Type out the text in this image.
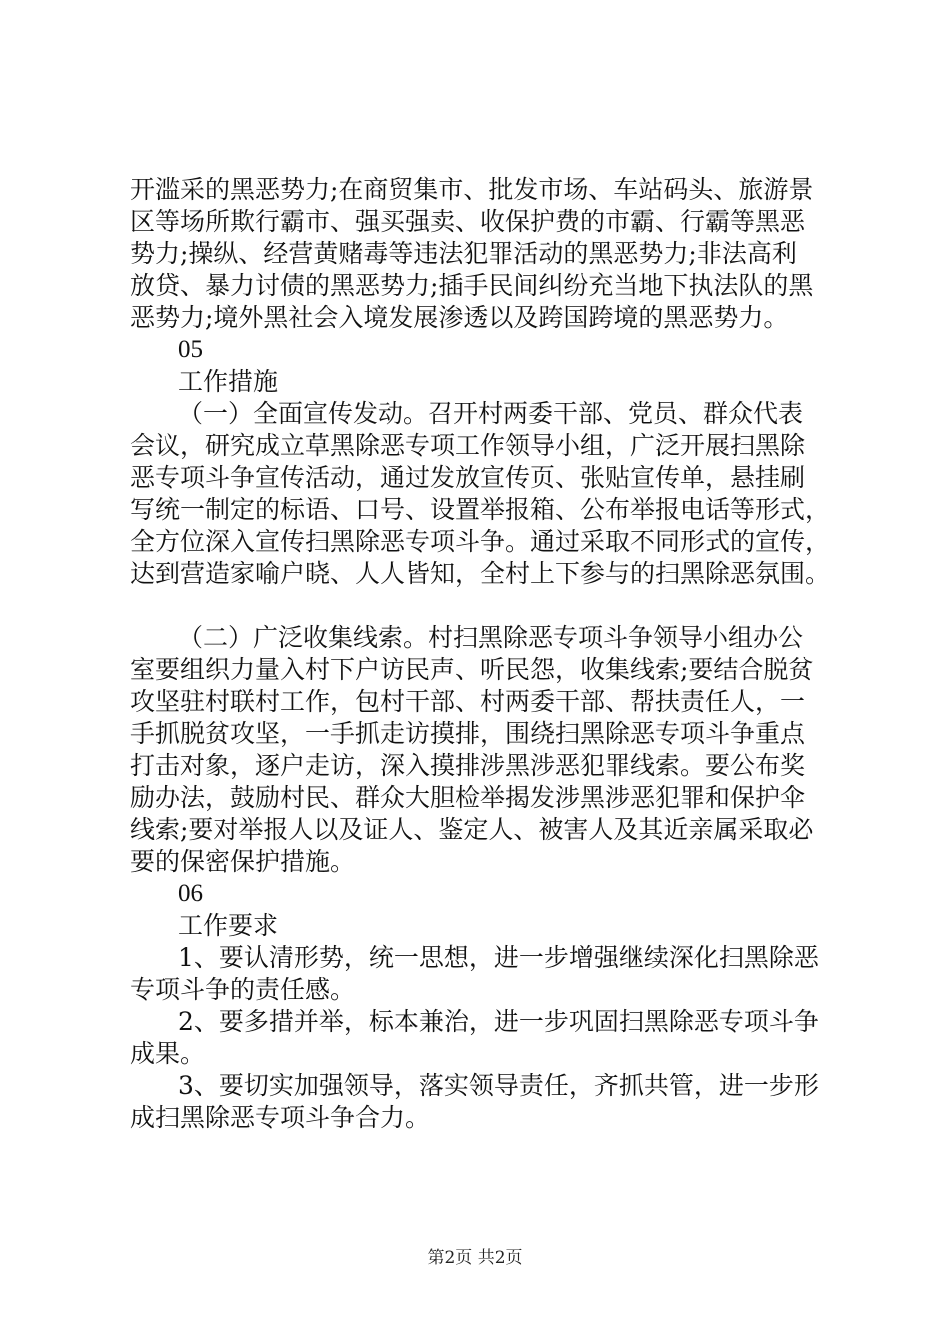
开滥采的黑恶势力;在商贸集市、批发市场、车站码头、旅游景
区等场所欺行霸市、强买强卖、收保护费的市霸、行霸等黑恶
势力;操纵、经营黄赌毒等违法犯罪活动的黑恶势力;非法高利
放贷、暴力讨债的黑恶势力;插手民间纠纷充当地下执法队的黑
恶势力;境外黑社会入境发展渗透以及跨国跨境的黑恶势力。
05
工作措施
（一）全面宣传发动。召开村两委干部、党员、群众代表
会议，研究成立草黑除恶专项工作领导小组，广泛开展扫黑除
恶专项斗争宣传活动，通过发放宣传页、张贴宣传单，悬挂刷
写统一制定的标语、口号、设置举报箱、公布举报电话等形式，
全方位深入宣传扫黑除恶专项斗争。通过采取不同形式的宣传，
达到营造家喻户晓、人人皆知，全村上下参与的扫黑除恶氛围。
（二）广泛收集线索。村扫黑除恶专项斗争领导小组办公
室要组织力量入村下户访民声、听民怨，收集线索;要结合脱贫
攻坚驻村联村工作，包村干部、村两委干部、帮扶责任人，一
手抓脱贫攻坚，一手抓走访摸排，围绕扫黑除恶专项斗争重点
打击对象，逐户走访，深入摸排涉黑涉恶犯罪线索。要公布奖
励办法，鼓励村民、群众大胆检举揭发涉黑涉恶犯罪和保护伞
线索;要对举报人以及证人、鉴定人、被害人及其近亲属采取必
要的保密保护措施。
06
工作要求
1、要认清形势，统一思想，进一步增强继续深化扫黑除恶
专项斗争的责任感。
2、要多措并举，标本兼治，进一步巩固扫黑除恶专项斗争
成果。
3、要切实加强领导，落实领导责任，齐抓共管，进一步形
成扫黑除恶专项斗争合力。
第2页 共2页
